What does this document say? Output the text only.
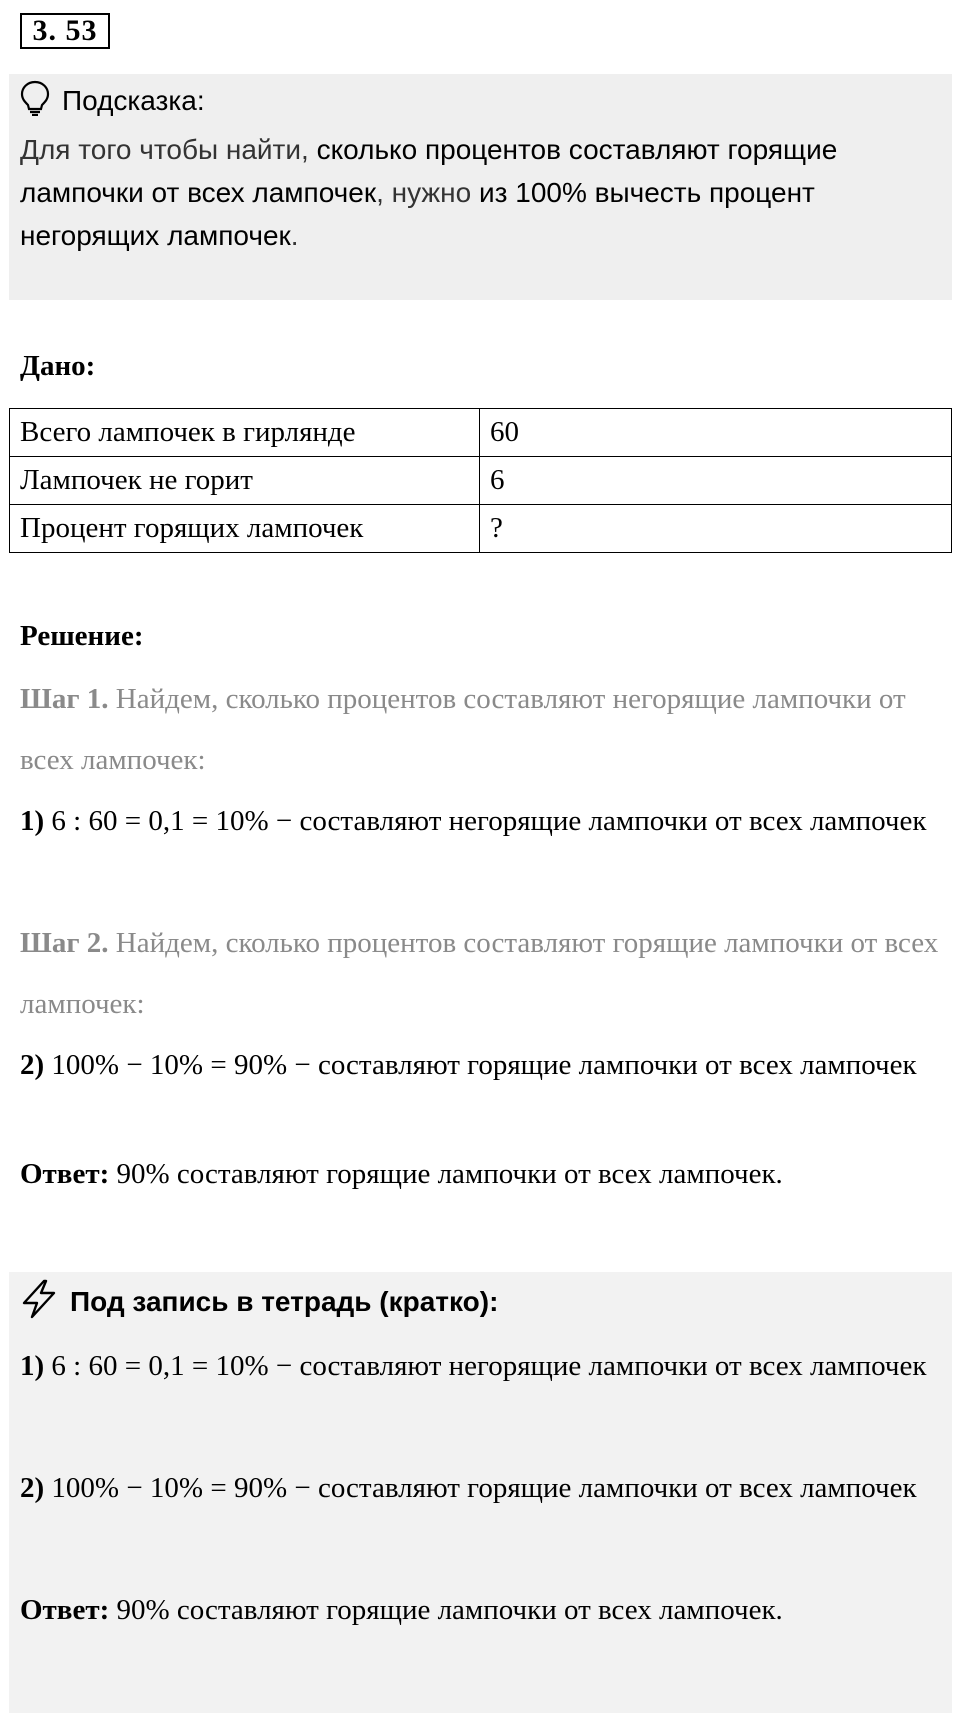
3. 53
Подсказка:
Для того чтобы найти, сколько процентов составляют горящие лампочки от всех лампочек, нужно из 100% вычесть процент негорящих лампочек.
Дано:
Всего лампочек в гирлянде	60
Лампочек не горит	6
Процент горящих лампочек	?
Решение:
Шаг 1. Найдем, сколько процентов составляют негорящие лампочки от всех лампочек:
1) 6 : 60 = 0,1 = 10% − составляют негорящие лампочки от всех лампочек
Шаг 2. Найдем, сколько процентов составляют горящие лампочки от всех лампочек:
2) 100% − 10% = 90% − составляют горящие лампочки от всех лампочек
Ответ: 90% составляют горящие лампочки от всех лампочек.
Под запись в тетрадь (кратко):
1) 6 : 60 = 0,1 = 10% − составляют негорящие лампочки от всех лампочек
2) 100% − 10% = 90% − составляют горящие лампочки от всех лампочек
Ответ: 90% составляют горящие лампочки от всех лампочек.
